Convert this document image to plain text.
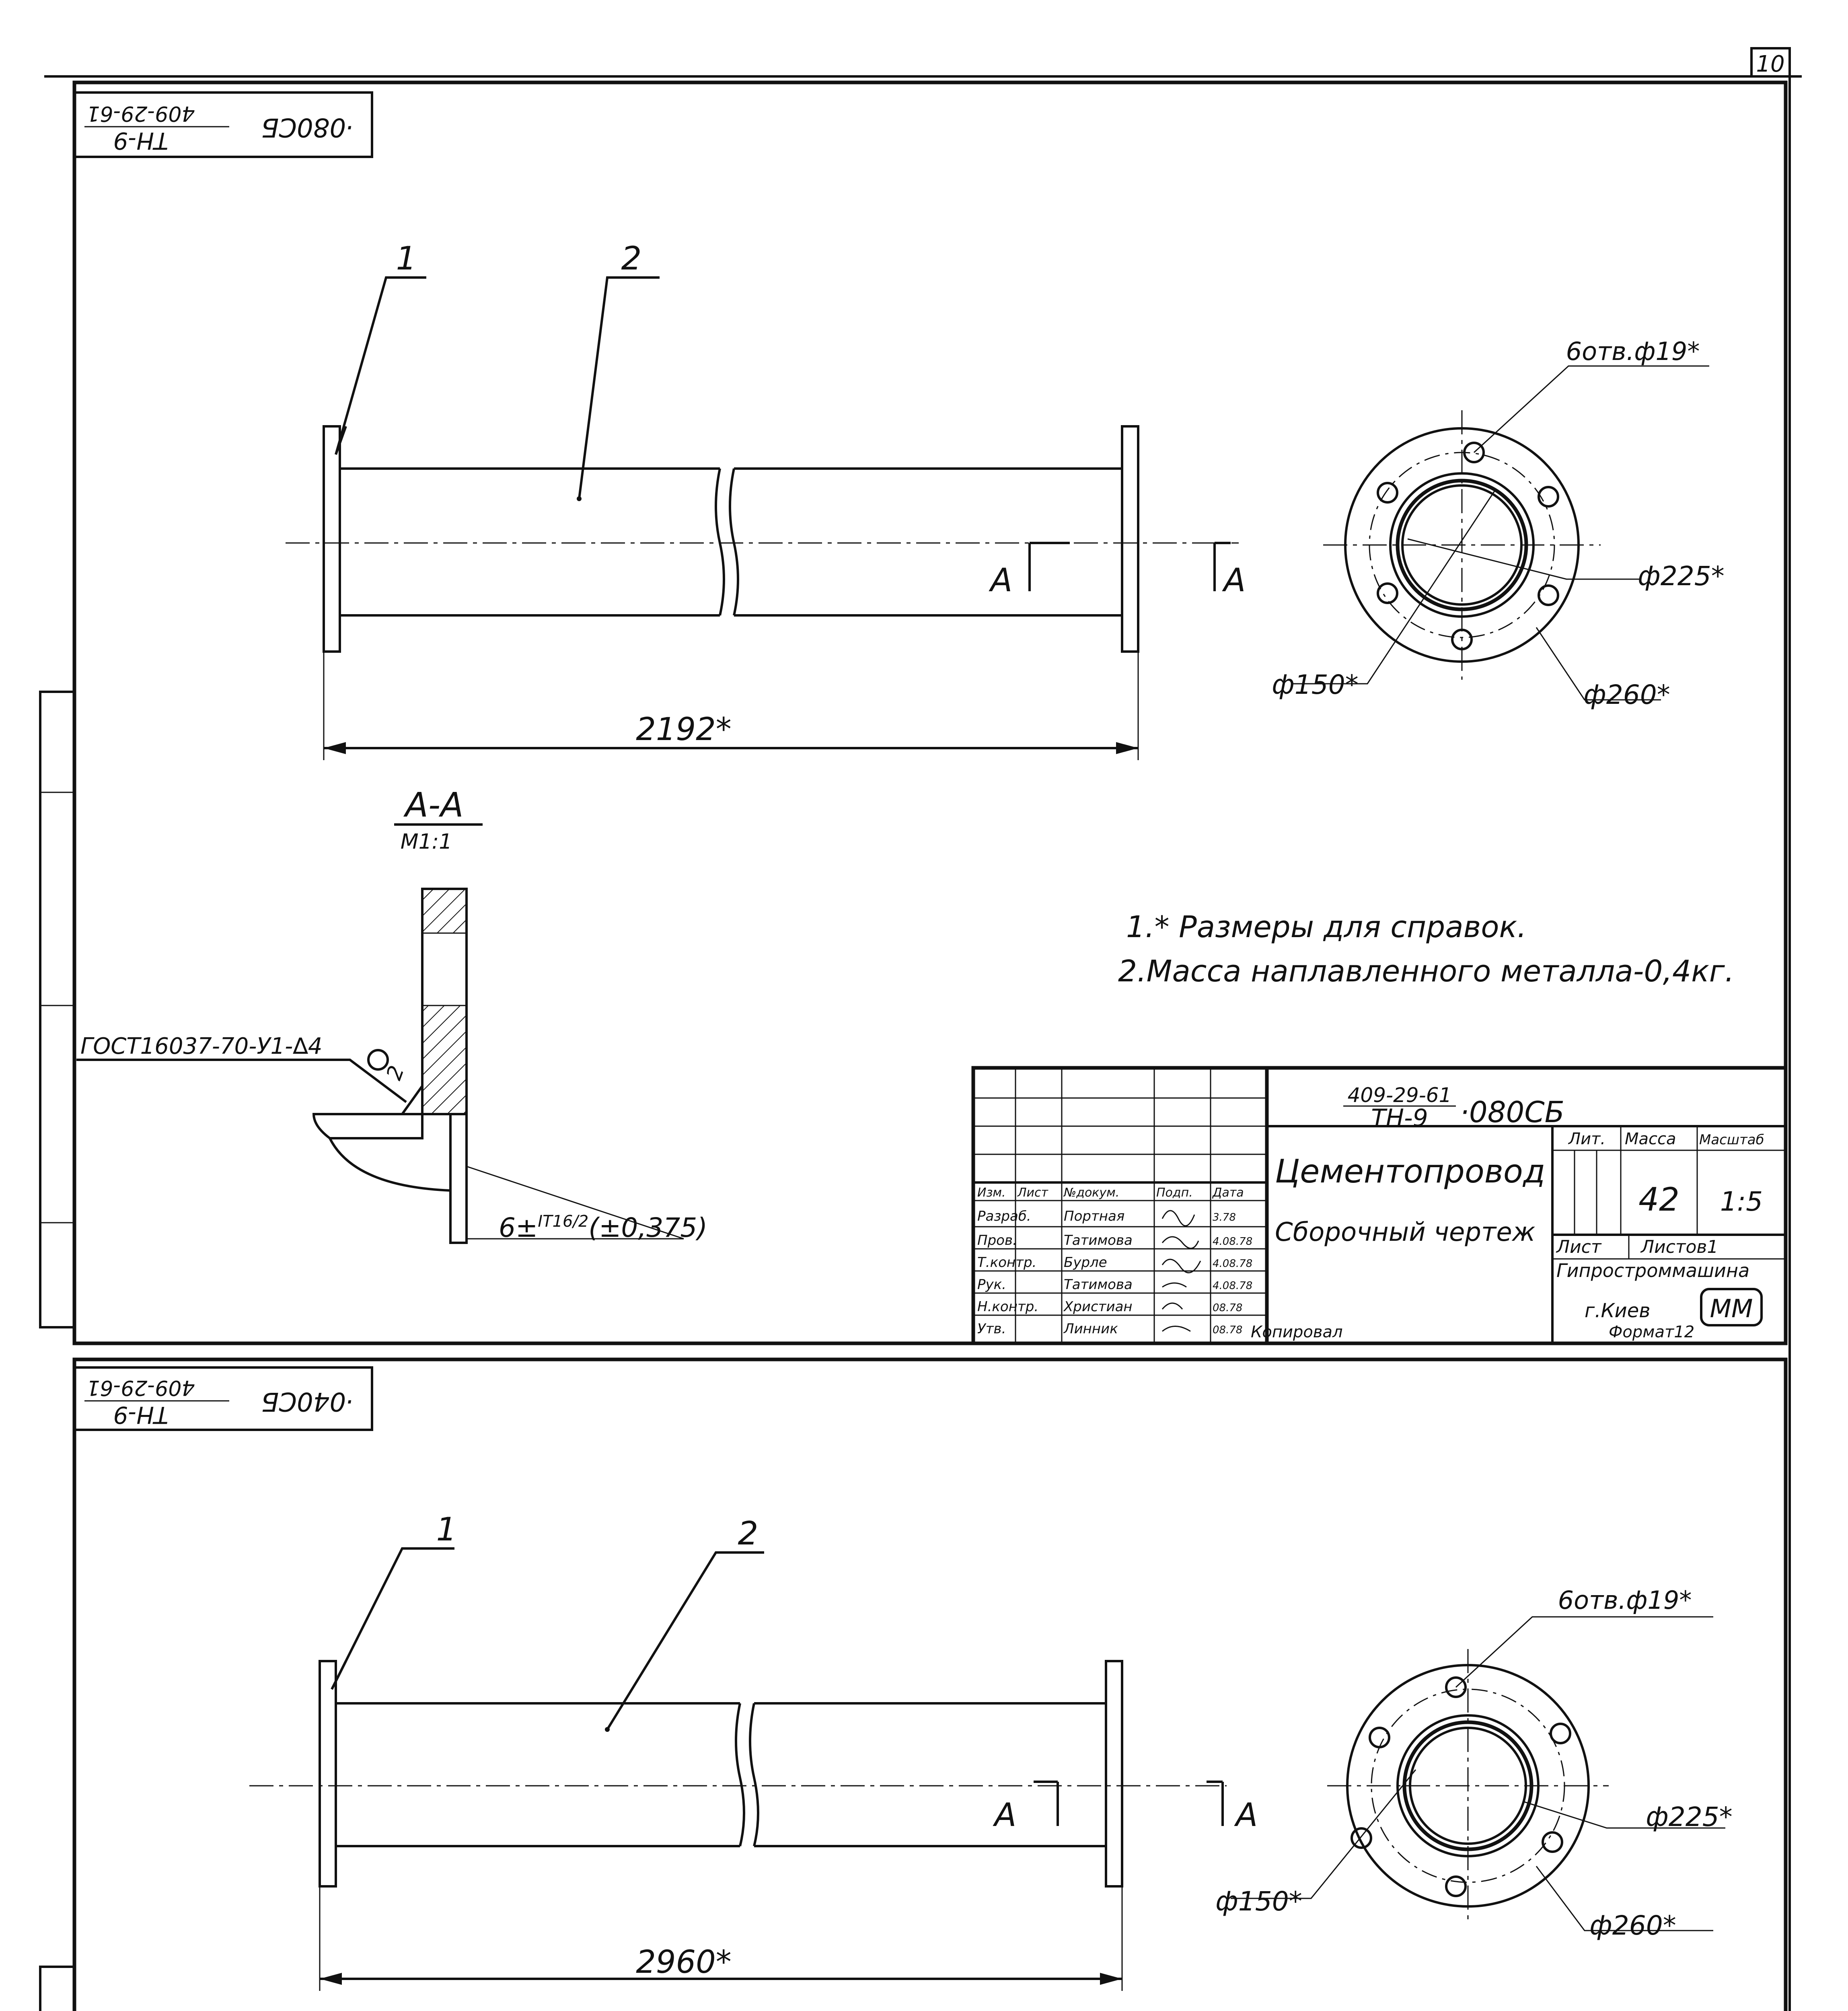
10
409-29-61
ТН-9	·080СБ
1	2
А	А
2192*
6отв.ф19*
ф225*
ф150*	ф260*
А-А
М1:1
ГОСТ16037-70-У1-∆4
2
6±$^{IT16/2}$(±0,375)
1.* Размеры для справок.
2.Масса наплавленного металла-0,4кг.
Изм. Лист №докум.	Подп. Дата
Разраб. Портная	3.78
Пров.	Татимова	4.08.78
Т.контр. Бурле	4.08.78
Рук.	Татимова	4.08.78
Н.контр. Христиан	08.78
Утв.	Линник	08.78
409-29-61
ТН-9 ·080СБ
Цементопровод
Сборочный чертеж
Лит. Масса Масштаб
42 1:5
Лист Листов1
Гипростроммашина
г.Киев ММ
Копировал	Формат12
409-29-61
ТН-9	·040СБ
1	2
А	А
2960*
6отв.ф19*
ф225*
ф150*
ф260*
